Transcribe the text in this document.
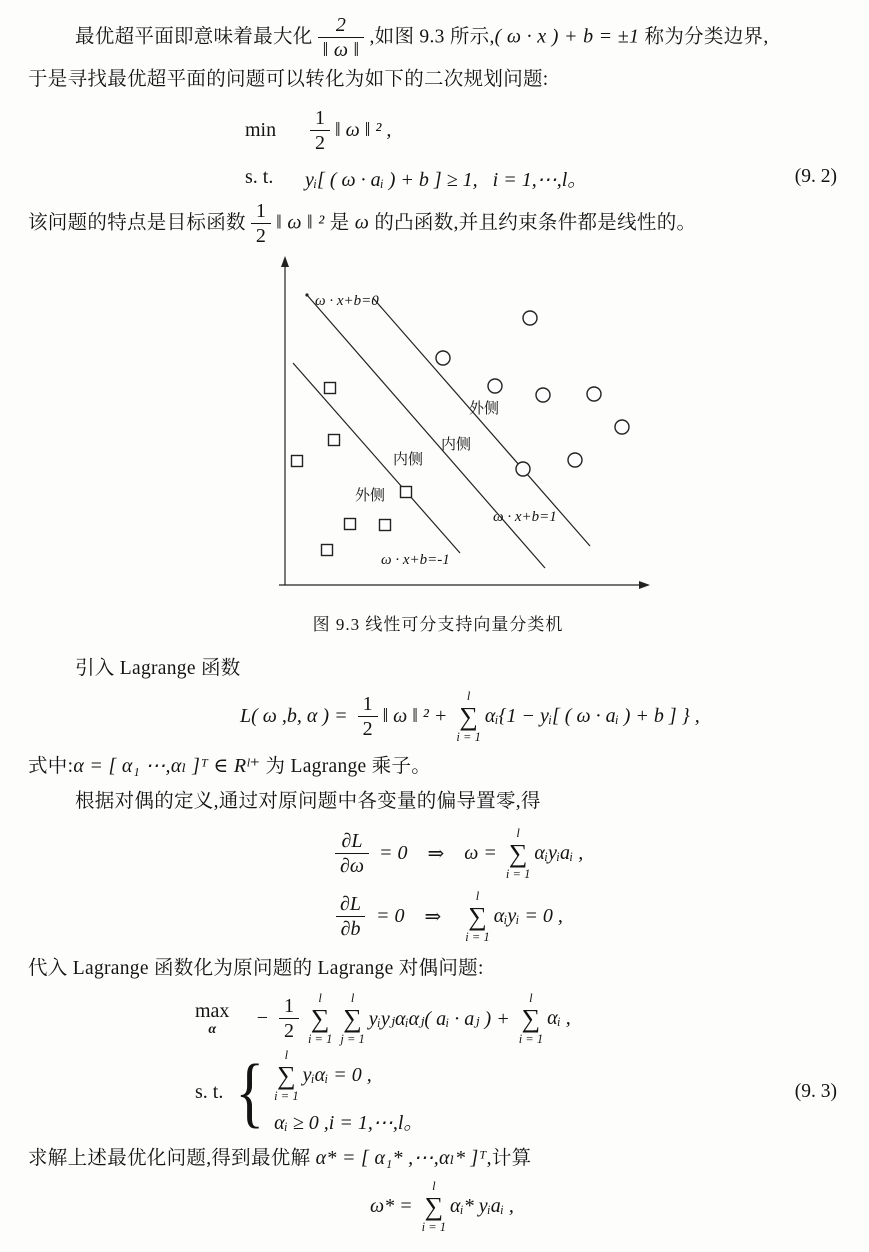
最优超平面即意味着最大化 $\frac{2}{‖ \omega ‖}$ ,如图 9.3 所示,( ω · x ) + b = ±1 称为分类边界,
于是寻找最优超平面的问题可以转化为如下的二次规划问题:
min	$\frac{1}{2}$ ‖ ω ‖ ² ,
s. t.	yᵢ[ ( ω · aᵢ ) + b ] ≥ 1,   i = 1,⋯,l。	(9. 2)
该问题的特点是目标函数 $\frac{1}{2}$ ‖ ω ‖ ² 是 ω 的凸函数,并且约束条件都是线性的。
ω · x+b=0
外侧
内侧
内侧
外侧
ω · x+b=1
ω · x+b=-1
图 9.3 线性可分支持向量分类机
引入 Lagrange 函数
L( ω ,b, α ) = $\frac{1}{2}$ ‖ ω ‖ ² +
l
∑
i = 1
αᵢ{1 − yᵢ[ ( ω · aᵢ ) + b ] } ,
式中:α = [ α₁ ⋯,αₗ ]ᵀ ∈ Rˡ⁺ 为 Lagrange 乘子。
根据对偶的定义,通过对原问题中各变量的偏导置零,得
$\frac{\partial L}{\partial\omega} = 0$ ⇒ ω =
l
∑
i = 1
αᵢyᵢaᵢ ,
$\frac{\partial L}{\partial b} = 0$ ⇒
l
∑
i = 1
αᵢyᵢ = 0 ,
代入 Lagrange 函数化为原问题的 Lagrange 对偶问题:
max
α
− $\frac{1}{2}$ l
∑
i = 1
l
∑
j = 1
yᵢyⱼαᵢαⱼ( aᵢ · aⱼ ) +
l
∑
i = 1
αᵢ ,
s. t. { l
∑
i = 1
yᵢαᵢ = 0 ,
αᵢ ≥ 0 ,i = 1,⋯,l。
(9. 3)
求解上述最优化问题,得到最优解 α* = [ α₁* ,⋯,αₗ* ]ᵀ,计算
ω* =
l
∑
i = 1
αᵢ* yᵢaᵢ ,
